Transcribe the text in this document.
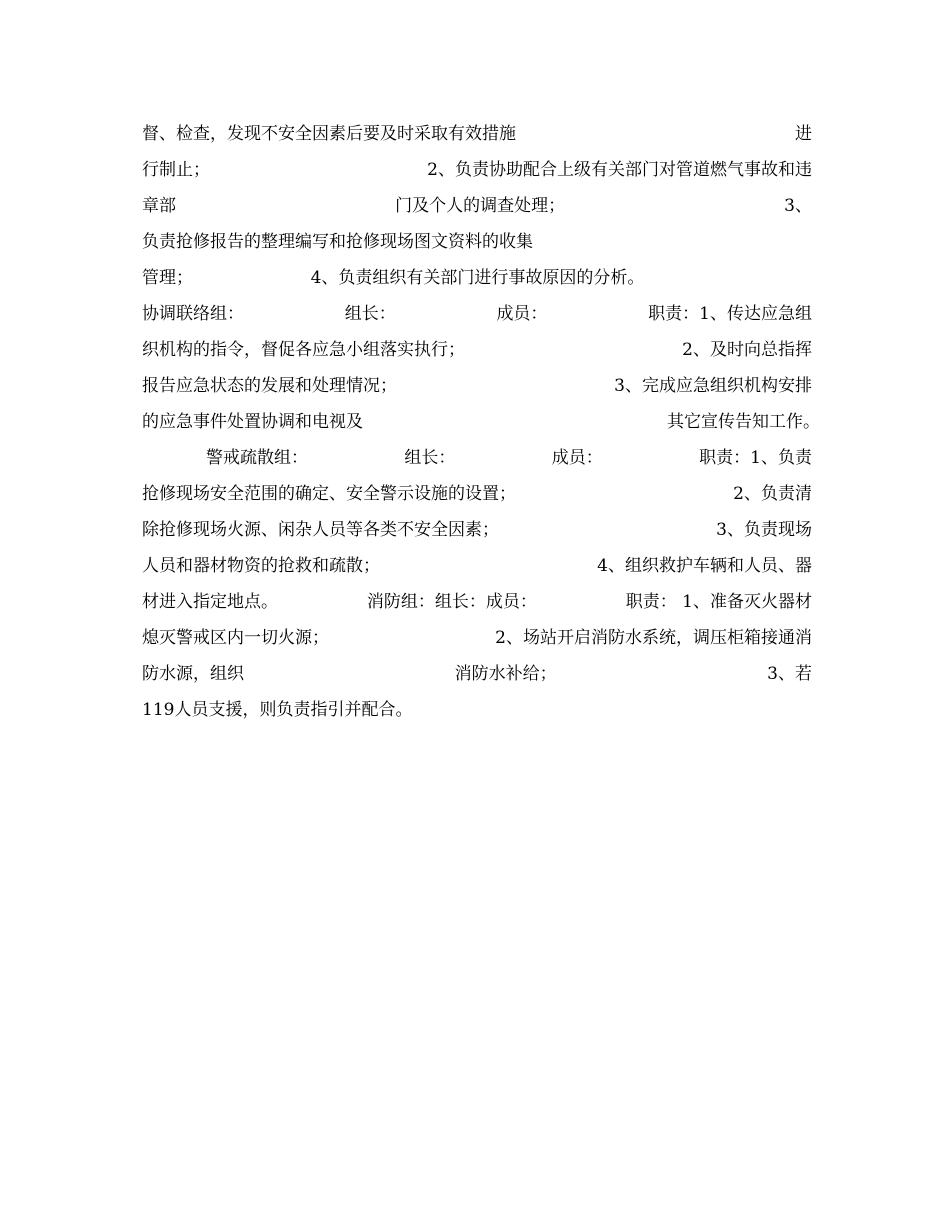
督、检查，发现不安全因素后要及时采取有效措施	进
行制止；	2、负责协助配合上级有关部门对管道燃气事故和违
章部	门及个人的调查处理；	3、
负责抢修报告的整理编写和抢修现场图文资料的收集
管理；	4、负责组织有关部门进行事故原因的分析。
协调联络组：	组长：	成员：	职责：1、传达应急组
织机构的指令，督促各应急小组落实执行；	2、及时向总指挥
报告应急状态的发展和处理情况；	3、完成应急组织机构安排
的应急事件处置协调和电视及	其它宣传告知工作。
警戒疏散组：	组长：	成员：	职责：1、负责
抢修现场安全范围的确定、安全警示设施的设置；	2、负责清
除抢修现场火源、闲杂人员等各类不安全因素；	3、负责现场
人员和器材物资的抢救和疏散；	4、组织救护车辆和人员、器
材进入指定地点。	消防组：组长：成员：	职责： 1、准备灭火器材
熄灭警戒区内一切火源；	2、场站开启消防水系统，调压柜箱接通消
防水源，组织	消防水补给；	3、若
119人员支援，则负责指引并配合。
